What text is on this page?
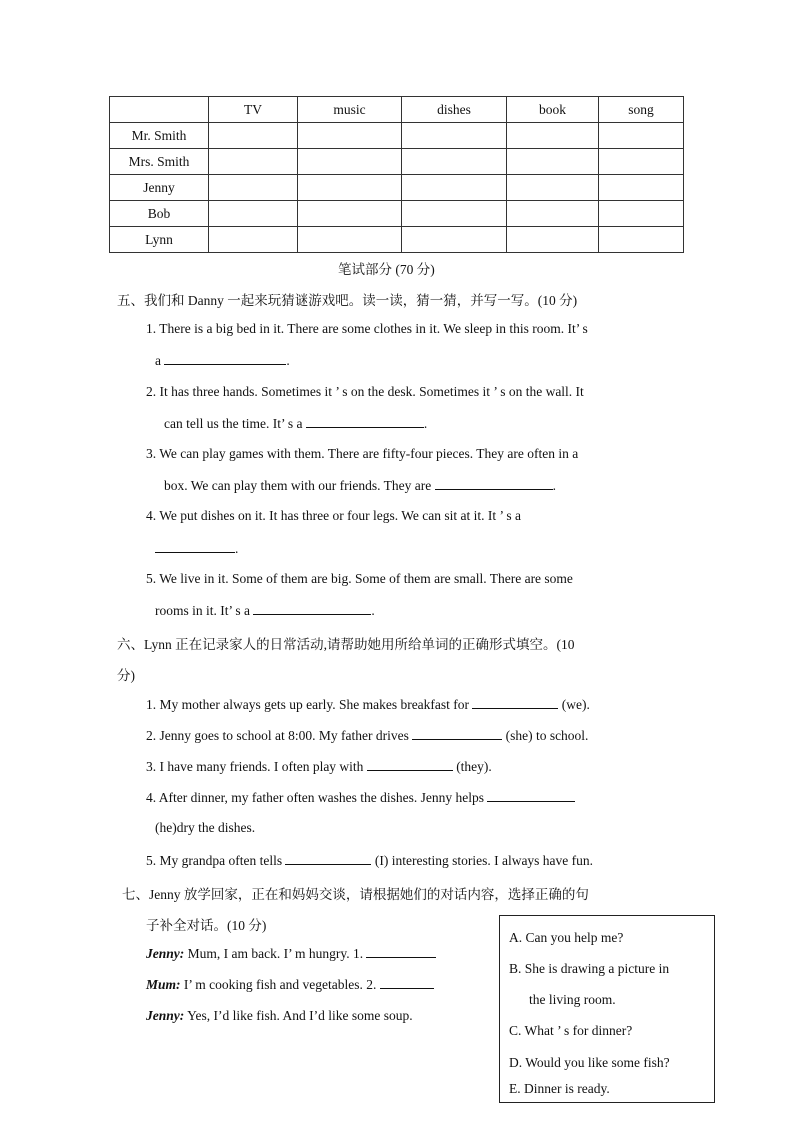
	TV	music	dishes	book	song
Mr. Smith					
Mrs. Smith					
Jenny					
Bob					
Lynn					
笔试部分 (70 分)
五、我们和 Danny 一起来玩猜谜游戏吧。读一读，猜一猜，并写一写。(10 分)
1. There is a big bed in it. There are some clothes in it. We sleep in this room. It’ s
a	.
2. It has three hands. Sometimes it ’ s on the desk. Sometimes it ’ s on the wall. It
can tell us the time. It’ s a	.
3. We can play games with them. There are fifty-four pieces. They are often in a
box. We can play them with our friends. They are	.
4. We put dishes on it. It has three or four legs. We can sit at it. It ’ s a
.
5. We live in it. Some of them are big. Some of them are small. There are some
rooms in it. It’ s a	.
六、Lynn 正在记录家人的日常活动,请帮助她用所给单词的正确形式填空。(10
分)
1. My mother always gets up early. She makes breakfast for	(we).
2. Jenny goes to school at 8:00. My father drives	(she) to school.
3. I have many friends. I often play with	(they).
4. After dinner, my father often washes the dishes. Jenny helps
(he)dry the dishes.
5. My grandpa often tells	(I) interesting stories. I always have fun.
七、Jenny 放学回家，正在和妈妈交谈，请根据她们的对话内容，选择正确的句
子补全对话。(10 分)
Jenny: Mum, I am back. I’ m hungry. 1.
Mum: I’ m cooking fish and vegetables. 2.
Jenny: Yes, I’d like fish. And I’d like some soup.
A. Can you help me?
B. She is drawing a picture in
the living room.
C. What ’ s for dinner?
D. Would you like some fish?
E. Dinner is ready.
